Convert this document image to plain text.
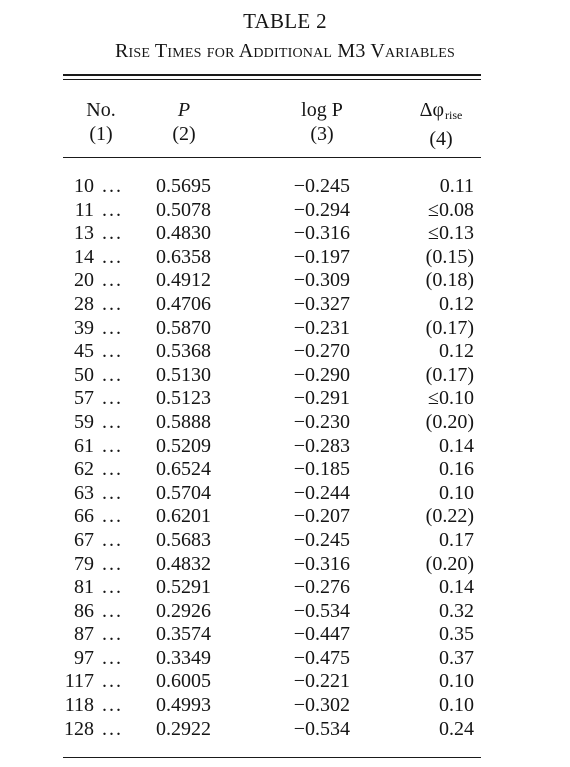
TABLE 2
Rise Times for Additional M3 Variables
No.
(1)
P
(2)
log P
(3)
$\Delta\varphi_{rise}$
(4)
10 ... 0.5695	−0.245	0.11
11 ... 0.5078	−0.294	≤0.08
13 ... 0.4830	−0.316	≤0.13
14 ... 0.6358	−0.197	(0.15)
20 ... 0.4912	−0.309	(0.18)
28 ... 0.4706	−0.327	0.12
39 ... 0.5870	−0.231	(0.17)
45 ... 0.5368	−0.270	0.12
50 ... 0.5130	−0.290	(0.17)
57 ... 0.5123	−0.291	≤0.10
59 ... 0.5888	−0.230	(0.20)
61 ... 0.5209	−0.283	0.14
62 ... 0.6524	−0.185	0.16
63 ... 0.5704	−0.244	0.10
66 ... 0.6201	−0.207	(0.22)
67 ... 0.5683	−0.245	0.17
79 ... 0.4832	−0.316	(0.20)
81 ... 0.5291	−0.276	0.14
86 ... 0.2926	−0.534	0.32
87 ... 0.3574	−0.447	0.35
97 ... 0.3349	−0.475	0.37
117 ... 0.6005	−0.221	0.10
118 ... 0.4993	−0.302	0.10
128 ... 0.2922	−0.534	0.24
